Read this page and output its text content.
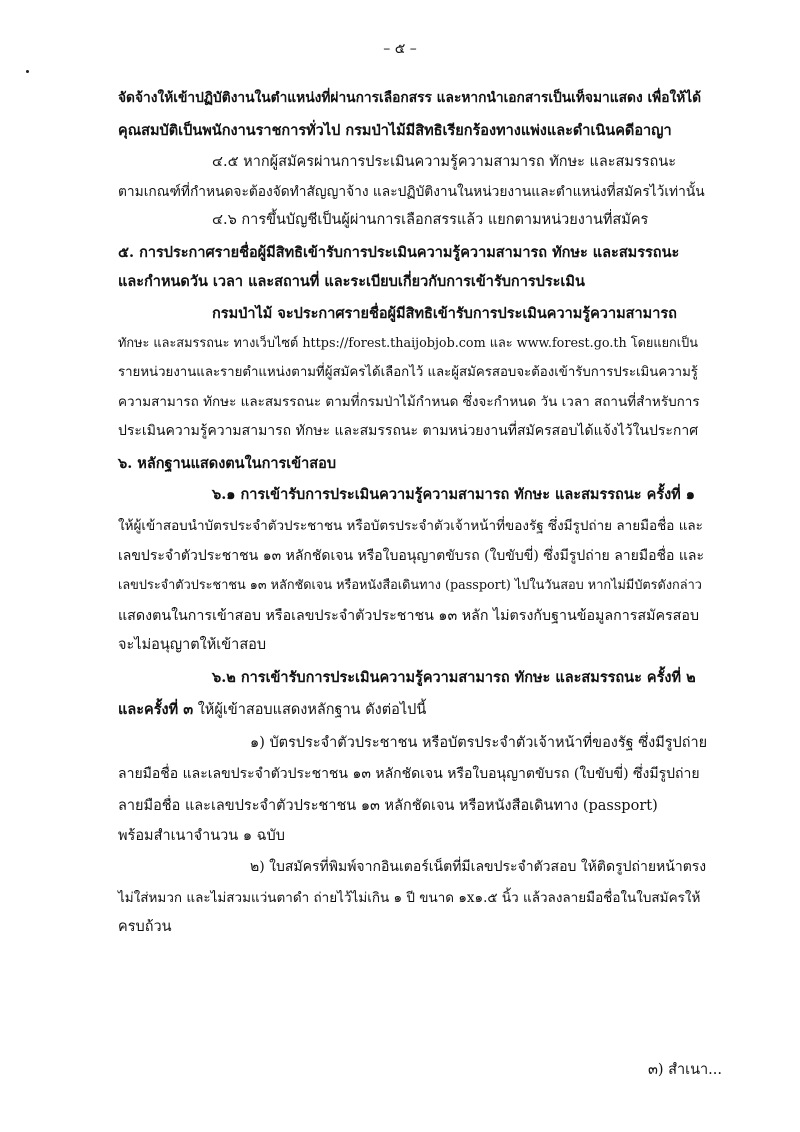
– ๕ –
จัดจ้างให้เข้าปฏิบัติงานในตำแหน่งที่ผ่านการเลือกสรร และหากนำเอกสารเป็นเท็จมาแสดง เพื่อให้ได้
คุณสมบัติเป็นพนักงานราชการทั่วไป กรมป่าไม้มีสิทธิเรียกร้องทางแพ่งและดำเนินคดีอาญา
๔.๕ หากผู้สมัครผ่านการประเมินความรู้ความสามารถ ทักษะ และสมรรถนะ
ตามเกณฑ์ที่กำหนดจะต้องจัดทำสัญญาจ้าง และปฏิบัติงานในหน่วยงานและตำแหน่งที่สมัครไว้เท่านั้น
๔.๖ การขึ้นบัญชีเป็นผู้ผ่านการเลือกสรรแล้ว แยกตามหน่วยงานที่สมัคร
๕. การประกาศรายชื่อผู้มีสิทธิเข้ารับการประเมินความรู้ความสามารถ ทักษะ และสมรรถนะ
และกำหนดวัน เวลา และสถานที่ และระเบียบเกี่ยวกับการเข้ารับการประเมิน
กรมป่าไม้ จะประกาศรายชื่อผู้มีสิทธิเข้ารับการประเมินความรู้ความสามารถ
ทักษะ และสมรรถนะ ทางเว็บไซต์ https://forest.thaijobjob.com และ www.forest.go.th โดยแยกเป็น
รายหน่วยงานและรายตำแหน่งตามที่ผู้สมัครได้เลือกไว้ และผู้สมัครสอบจะต้องเข้ารับการประเมินความรู้
ความสามารถ ทักษะ และสมรรถนะ ตามที่กรมป่าไม้กำหนด ซึ่งจะกำหนด วัน เวลา สถานที่สำหรับการ
ประเมินความรู้ความสามารถ ทักษะ และสมรรถนะ ตามหน่วยงานที่สมัครสอบได้แจ้งไว้ในประกาศ
๖. หลักฐานแสดงตนในการเข้าสอบ
๖.๑ การเข้ารับการประเมินความรู้ความสามารถ ทักษะ และสมรรถนะ ครั้งที่ ๑
ให้ผู้เข้าสอบนำบัตรประจำตัวประชาชน หรือบัตรประจำตัวเจ้าหน้าที่ของรัฐ ซึ่งมีรูปถ่าย ลายมือชื่อ และ
เลขประจำตัวประชาชน ๑๓ หลักชัดเจน หรือใบอนุญาตขับรถ (ใบขับขี่) ซึ่งมีรูปถ่าย ลายมือชื่อ และ
เลขประจำตัวประชาชน ๑๓ หลักชัดเจน หรือหนังสือเดินทาง (passport) ไปในวันสอบ หากไม่มีบัตรดังกล่าว
แสดงตนในการเข้าสอบ หรือเลขประจำตัวประชาชน ๑๓ หลัก ไม่ตรงกับฐานข้อมูลการสมัครสอบ
จะไม่อนุญาตให้เข้าสอบ
๖.๒ การเข้ารับการประเมินความรู้ความสามารถ ทักษะ และสมรรถนะ ครั้งที่ ๒
และครั้งที่ ๓ ให้ผู้เข้าสอบแสดงหลักฐาน ดังต่อไปนี้
๑) บัตรประจำตัวประชาชน หรือบัตรประจำตัวเจ้าหน้าที่ของรัฐ ซึ่งมีรูปถ่าย
ลายมือชื่อ และเลขประจำตัวประชาชน ๑๓ หลักชัดเจน หรือใบอนุญาตขับรถ (ใบขับขี่) ซึ่งมีรูปถ่าย
ลายมือชื่อ และเลขประจำตัวประชาชน ๑๓ หลักชัดเจน หรือหนังสือเดินทาง (passport)
พร้อมสำเนาจำนวน ๑ ฉบับ
๒) ใบสมัครที่พิมพ์จากอินเตอร์เน็ตที่มีเลขประจำตัวสอบ ให้ติดรูปถ่ายหน้าตรง
ไม่ใส่หมวก และไม่สวมแว่นตาดำ ถ่ายไว้ไม่เกิน ๑ ปี ขนาด ๑x๑.๕ นิ้ว แล้วลงลายมือชื่อในใบสมัครให้
ครบถ้วน
๓) สำเนา...
